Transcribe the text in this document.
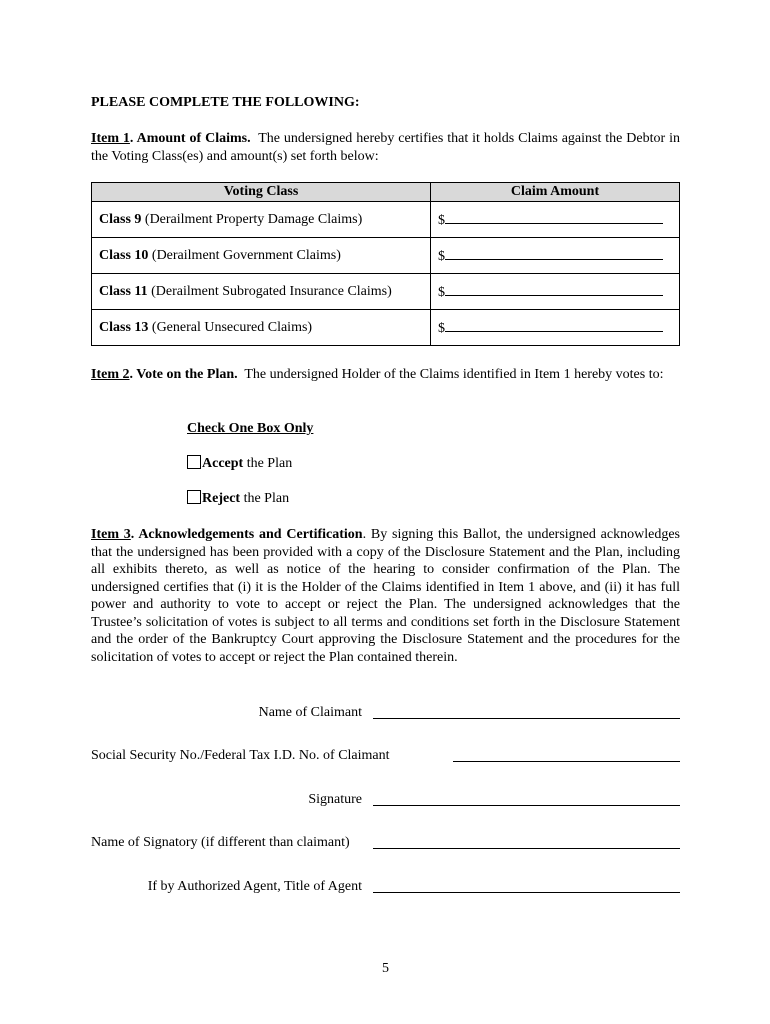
PLEASE COMPLETE THE FOLLOWING:
Item 1. Amount of Claims. The undersigned hereby certifies that it holds Claims against the Debtor in the Voting Class(es) and amount(s) set forth below:
Voting Class	Claim Amount
Class 9 (Derailment Property Damage Claims)	$
Class 10 (Derailment Government Claims)	$
Class 11 (Derailment Subrogated Insurance Claims)	$
Class 13 (General Unsecured Claims)	$
Item 2. Vote on the Plan. The undersigned Holder of the Claims identified in Item 1 hereby votes to:
Check One Box Only
Accept the Plan
Reject the Plan
Item 3. Acknowledgements and Certification. By signing this Ballot, the undersigned acknowledges that the undersigned has been provided with a copy of the Disclosure Statement and the Plan, including all exhibits thereto, as well as notice of the hearing to consider confirmation of the Plan. The undersigned certifies that (i) it is the Holder of the Claims identified in Item 1 above, and (ii) it has full power and authority to vote to accept or reject the Plan. The undersigned acknowledges that the Trustee’s solicitation of votes is subject to all terms and conditions set forth in the Disclosure Statement and the order of the Bankruptcy Court approving the Disclosure Statement and the procedures for the solicitation of votes to accept or reject the Plan contained therein.
Name of Claimant
Social Security No./Federal Tax I.D. No. of Claimant
Signature
Name of Signatory (if different than claimant)
If by Authorized Agent, Title of Agent
5
